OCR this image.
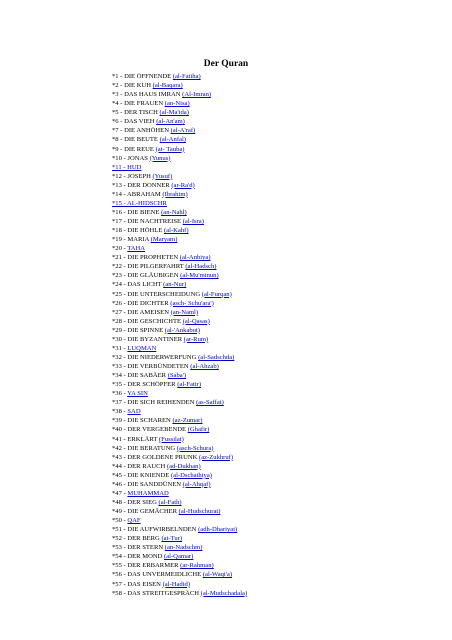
Der Quran
*1 - DIE ÖFFNENDE (al-Fatiha)
*2 - DIE KUH (al-Baqara)
*3 - DAS HAUS IMRAN (Al-Imran)
*4 - DIE FRAUEN (an-Nisa)
*5 - DER TISCH (al-Ma'ida)
*6 - DAS VIEH (al-An'am)
*7 - DIE ANHÖHEN (al-A'raf)
*8 - DIE BEUTE (al-Anfal)
*9 - DIE REUE (at- Tauba)
*10 - JONAS (Yunus)
*11 - HUD
*12 - JOSEPH (Yusuf)
*13 - DER DONNER (ar-Ra'd)
*14 - ABRAHAM (Ibrahim)
*15 - AL-HIDSCHR
*16 - DIE BIENE (an-Nahl)
*17 - DIE NACHTREISE (al-Isra)
*18 - DIE HÖHLE (al-Kahf)
*19 - MARIA (Maryam)
*20 - TAHA
*21 - DIE PROPHETEN (al-Anbiya)
*22 - DIE PILGERFAHRT (al-Hadsch)
*23 - DIE GLÄUBIGEN (al-Mu'minun)
*24 - DAS LICHT (an-Nur)
*25 - DIE UNTERSCHEIDUNG (al-Furqan)
*26 - DIE DICHTER (asch- Schu'ara')
*27 - DIE AMEISEN (an-Naml)
*28 - DIE GESCHICHTE (al-Qasas)
*29 - DIE SPINNE (al-'Ankabut)
*30 - DIE BYZANTINER (ar-Rum)
*31 - LUQMAN
*32 - DIE NIEDERWERFUNG (al-Sadschda)
*33 - DIE VERBÜNDETEN (al-Ahzab)
*34 - DIE SABÄER (Saba')
*35 - DER SCHÖPFER (al-Fatir)
*36 - YA SIN
*37 - DIE SICH REIHENDEN (as-Saffat)
*38 - SAD
*39 - DIE SCHAREN (az-Zumar)
*40 - DER VERGEBENDE (Ghafir)
*41 - ERKLÄRT (Fussilat)
*42 - DIE BERATUNG (asch-Schura)
*43 - DER GOLDENE PRUNK (az-Zukhruf)
*44 - DER RAUCH (ad-Dukhan)
*45 - DIE KNIENDE (al-Dschathiya)
*46 - DIE SANDDÜNEN (al-Ahqaf)
*47 - MUHAMMAD
*48 - DER SIEG (al-Fath)
*49 - DIE GEMÄCHER (al-Hudschurat)
*50 - QAF
*51 - DIE AUFWIRBELNDEN (adh-Dhariyat)
*52 - DER BERG (at-Tur)
*53 - DER STERN (an-Nadschm)
*54 - DER MOND (al-Qamar)
*55 - DER ERBARMER (ar-Rahman)
*56 - DAS UNVERMEIDLICHE (al-Waqi'a)
*57 - DAS EISEN (al-Hadid)
*58 - DAS STREITGESPRÄCH (al-Mudschadala)
